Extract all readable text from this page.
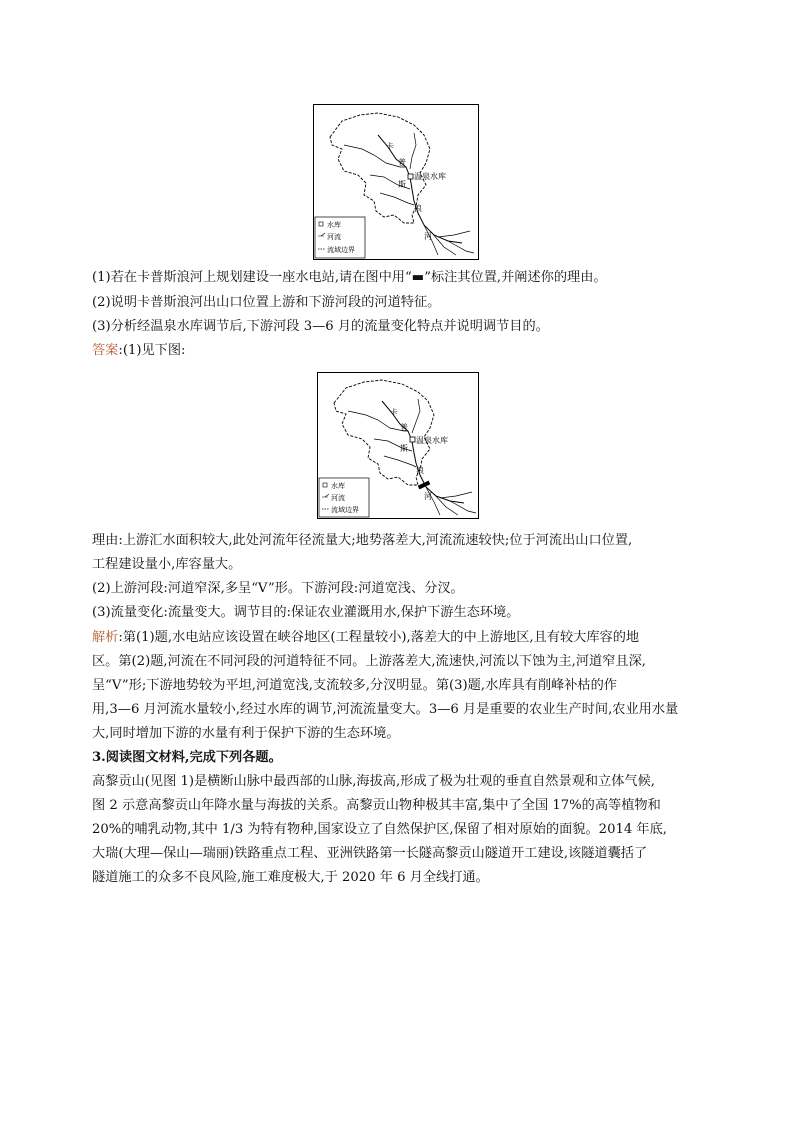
卡
普
斯
浪
河
温泉水库
水库
河流
流域边界
(1)若在卡普斯浪河上规划建设一座水电站,请在图中用“▬”标注其位置,并阐述你的理由。
(2)说明卡普斯浪河出山口位置上游和下游河段的河道特征。
(3)分析经温泉水库调节后,下游河段 3—6 月的流量变化特点并说明调节目的。
答案:(1)见下图:
卡
普
斯
浪
河
温泉水库
水库
河流
流域边界
理由:上游汇水面积较大,此处河流年径流量大;地势落差大,河流流速较快;位于河流出山口位置,
工程建设量小,库容量大。
(2)上游河段:河道窄深,多呈“V”形。下游河段:河道宽浅、分汊。
(3)流量变化:流量变大。调节目的:保证农业灌溉用水,保护下游生态环境。
解析:第(1)题,水电站应该设置在峡谷地区(工程量较小),落差大的中上游地区,且有较大库容的地
区。第(2)题,河流在不同河段的河道特征不同。上游落差大,流速快,河流以下蚀为主,河道窄且深,
呈“V”形;下游地势较为平坦,河道宽浅,支流较多,分汊明显。第(3)题,水库具有削峰补枯的作
用,3—6 月河流水量较小,经过水库的调节,河流流量变大。3—6 月是重要的农业生产时间,农业用水量
大,同时增加下游的水量有利于保护下游的生态环境。
3.阅读图文材料,完成下列各题。
高黎贡山(见图 1)是横断山脉中最西部的山脉,海拔高,形成了极为壮观的垂直自然景观和立体气候,
图 2 示意高黎贡山年降水量与海拔的关系。高黎贡山物种极其丰富,集中了全国 17%的高等植物和
20%的哺乳动物,其中 1/3 为特有物种,国家设立了自然保护区,保留了相对原始的面貌。2014 年底,
大瑞(大理—保山—瑞丽)铁路重点工程、亚洲铁路第一长隧高黎贡山隧道开工建设,该隧道囊括了
隧道施工的众多不良风险,施工难度极大,于 2020 年 6 月全线打通。
